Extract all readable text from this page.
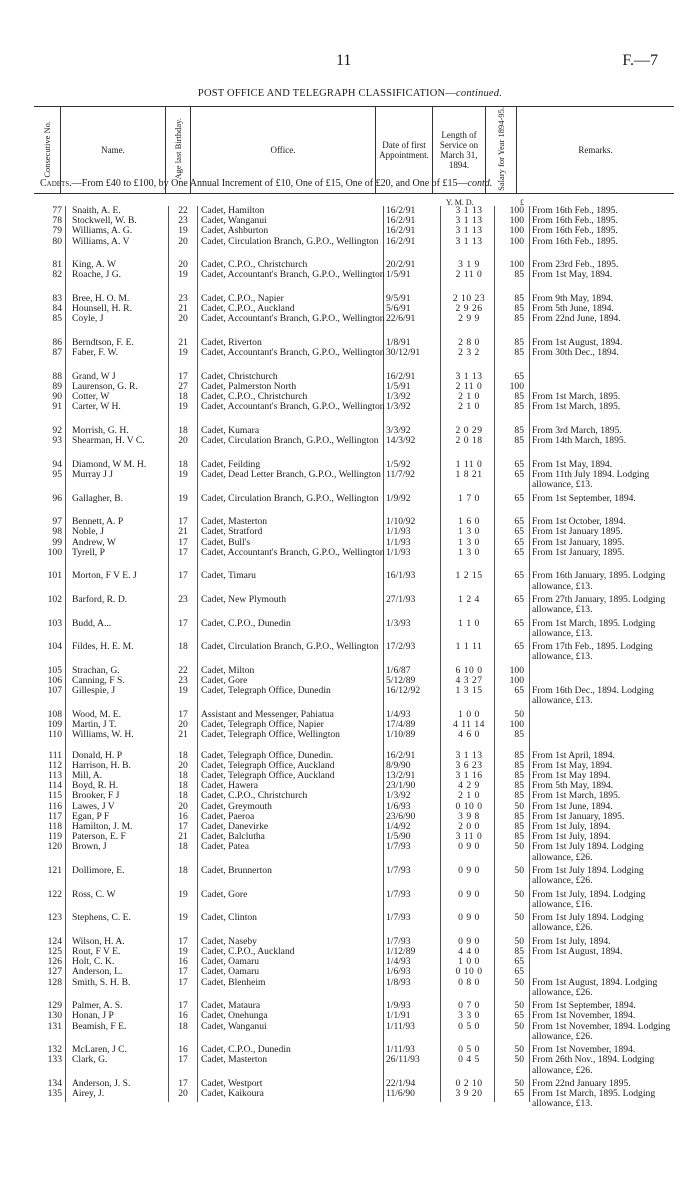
11	F.—7
POST OFFICE AND TELEGRAPH CLASSIFICATION—continued.
Consecutive No.	Name.	Age last Birthday.	Office.	Date of first Appointment.	Length of Service on March 31, 1894.	Salary for Year 1894-95.	Remarks.
Cadets.—From £40 to £100, by One Annual Increment of £10, One of £15, One of £20, and One of £15—contd.
Y. M. D.	£
77 Snaith, A. E.	22	Cadet, Hamilton	16/2/91	3 1 13	100 From 16th Feb., 1895.
78 Stockwell, W. B.	23	Cadet, Wanganui	16/2/91	3 1 13	100 From 16th Feb., 1895.
79 Williams, A. G.	19	Cadet, Ashburton	16/2/91	3 1 13	100 From 16th Feb., 1895.
80 Williams, A. V	20	Cadet, Circulation Branch, G.P.O., Wellington 16/2/91	3 1 13	100 From 16th Feb., 1895.
81 King, A. W	20	Cadet, C.P.O., Christchurch	20/2/91	3 1 9	100 From 23rd Feb., 1895.
82 Roache, J G.	19	Cadet, Accountant's Branch, G.P.O., Wellington 1/5/91	2 11 0	85 From 1st May, 1894.
83 Bree, H. O. M.	23	Cadet, C.P.O., Napier	9/5/91	2 10 23	85 From 9th May, 1894.
84 Hounsell, H. R.	21	Cadet, C.P.O., Auckland	5/6/91	2 9 26	85 From 5th June, 1894.
85 Coyle, J	20	Cadet, Accountant's Branch, G.P.O., Wellington 22/6/91	2 9 9	85 From 22nd June, 1894.
86 Berndtson, F. E.	21	Cadet, Riverton	1/8/91	2 8 0	85 From 1st August, 1894.
87 Faber, F. W.	19	Cadet, Accountant's Branch, G.P.O., Wellington 30/12/91	2 3 2	85 From 30th Dec., 1894.
88 Grand, W J	17	Cadet, Christchurch	16/2/91	3 1 13	65
89 Laurenson, G. R.	27	Cadet, Palmerston North	1/5/91	2 11 0	100
90 Cotter, W	18	Cadet, C.P.O., Christchurch	1/3/92	2 1 0	85 From 1st March, 1895.
91 Carter, W H.	19	Cadet, Accountant's Branch, G.P.O., Wellington 1/3/92	2 1 0	85 From 1st March, 1895.
92 Morrish, G. H.	18	Cadet, Kumara	3/3/92	2 0 29	85 From 3rd March, 1895.
93 Shearman, H. V C.	20	Cadet, Circulation Branch, G.P.O., Wellington 14/3/92	2 0 18	85 From 14th March, 1895.
94 Diamond, W M. H.	18	Cadet, Feilding	1/5/92	1 11 0	65 From 1st May, 1894.
95 Murray J J	19	Cadet, Dead Letter Branch, G.P.O., Wellington 11/7/92	1 8 21	65 From 11th July 1894. Lodging allowance, £13.
96 Gallagher, B.	19	Cadet, Circulation Branch, G.P.O., Wellington 1/9/92	1 7 0	65 From 1st September, 1894.
97 Bennett, A. P	17	Cadet, Masterton	1/10/92	1 6 0	65 From 1st October, 1894.
98 Noble, J	21	Cadet, Stratford	1/1/93	1 3 0	65 From 1st January 1895.
99 Andrew, W	17	Cadet, Bull's	1/1/93	1 3 0	65 From 1st January, 1895.
100 Tyrell, P	17	Cadet, Accountant's Branch, G.P.O., Wellington 1/1/93	1 3 0	65 From 1st January, 1895.
101 Morton, F V E. J	17	Cadet, Timaru	16/1/93	1 2 15	65 From 16th January, 1895. Lodging allowance, £13.
102 Barford, R. D.	23	Cadet, New Plymouth	27/1/93	1 2 4	65 From 27th January, 1895. Lodging allowance, £13.
103 Budd, A...	17	Cadet, C.P.O., Dunedin	1/3/93	1 1 0	65 From 1st March, 1895. Lodging allowance, £13.
104 Fildes, H. E. M.	18	Cadet, Circulation Branch, G.P.O., Wellington 17/2/93	1 1 11	65 From 17th Feb., 1895. Lodging allowance, £13.
105 Strachan, G.	22	Cadet, Milton	1/6/87	6 10 0	100
106 Canning, F S.	23	Cadet, Gore	5/12/89	4 3 27	100
107 Gillespie, J	19	Cadet, Telegraph Office, Dunedin	16/12/92	1 3 15	65 From 16th Dec., 1894. Lodging allowance, £13.
108 Wood, M. E.	17	Assistant and Messenger, Pahiatua	1/4/93	1 0 0	50
109 Martin, J T.	20	Cadet, Telegraph Office, Napier	17/4/89	4 11 14	100
110 Williams, W. H.	21	Cadet, Telegraph Office, Wellington	1/10/89	4 6 0	85
111 Donald, H. P	18	Cadet, Telegraph Office, Dunedin.	16/2/91	3 1 13	85 From 1st April, 1894.
112 Harrison, H. B.	20	Cadet, Telegraph Office, Auckland	8/9/90	3 6 23	85 From 1st May, 1894.
113 Mill, A.	18	Cadet, Telegraph Office, Auckland	13/2/91	3 1 16	85 From 1st May 1894.
114 Boyd, R. H.	18	Cadet, Hawera	23/1/90	4 2 9	85 From 5th May, 1894.
115 Brooker, F J	18	Cadet, C.P.O., Christchurch	1/3/92	2 1 0	85 From 1st March, 1895.
116 Lawes, J V	20	Cadet, Greymouth	1/6/93	0 10 0	50 From 1st June, 1894.
117 Egan, P F	16	Cadet, Paeroa	23/6/90	3 9 8	85 From 1st January, 1895.
118 Hamilton, J. M.	17	Cadet, Danevirke	1/4/92	2 0 0	85 From 1st July, 1894.
119 Paterson, E. F	21	Cadet, Balclutha	1/5/90	3 11 0	85 From 1st July, 1894.
120 Brown, J	18	Cadet, Patea	1/7/93	0 9 0	50 From 1st July 1894. Lodging allowance, £26.
121 Dollimore, E.	18	Cadet, Brunnerton	1/7/93	0 9 0	50 From 1st July 1894. Lodging allowance, £26.
122 Ross, C. W	19	Cadet, Gore	1/7/93	0 9 0	50 From 1st July, 1894. Lodging allowance, £16.
123 Stephens, C. E.	19	Cadet, Clinton	1/7/93	0 9 0	50 From 1st July 1894. Lodging allowance, £26.
124 Wilson, H. A.	17	Cadet, Naseby	1/7/93	0 9 0	50 From 1st July, 1894.
125 Rout, F V E.	19	Cadet, C.P.O., Auckland	1/12/89	4 4 0	85 From 1st August, 1894.
126 Holt, C. K.	16	Cadet, Oamaru	1/4/93	1 0 0	65
127 Anderson, L.	17	Cadet, Oamaru	1/6/93	0 10 0	65
128 Smith, S. H. B.	17	Cadet, Blenheim	1/8/93	0 8 0	50 From 1st August, 1894. Lodging allowance, £26.
129 Palmer, A. S.	17	Cadet, Mataura	1/9/93	0 7 0	50 From 1st September, 1894.
130 Honan, J P	16	Cadet, Onehunga	1/1/91	3 3 0	65 From 1st November, 1894.
131 Beamish, F E.	18	Cadet, Wanganui	1/11/93	0 5 0	50 From 1st November, 1894. Lodging allowance, £26.
132 McLaren, J C.	16	Cadet, C.P.O., Dunedin	1/11/93	0 5 0	50 From 1st November, 1894.
133 Clark, G.	17	Cadet, Masterton	26/11/93	0 4 5	50 From 26th Nov., 1894. Lodging allowance, £26.
134 Anderson, J. S.	17	Cadet, Westport	22/1/94	0 2 10	50 From 22nd January 1895.
135 Airey, J.	20	Cadet, Kaikoura	11/6/90	3 9 20	65 From 1st March, 1895. Lodging allowance, £13.
